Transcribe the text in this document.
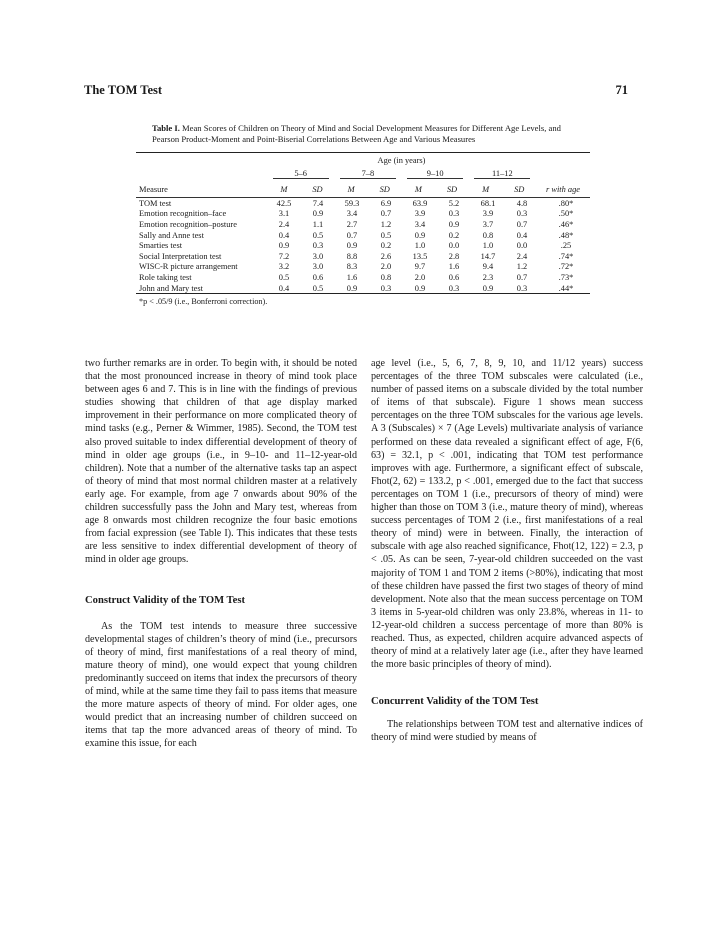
The TOM Test	71
Table I. Mean Scores of Children on Theory of Mind and Social Development Measures for Different Age Levels, and Pearson Product-Moment and Point-Biserial Correlations Between Age and Various Measures
	Age (in years)								
	5–6		7–8		9–10		11–12		
Measure	M	SD	M	SD	M	SD	M	SD	r with age
TOM test	42.5	7.4	59.3	6.9	63.9	5.2	68.1	4.8	.80*
Emotion recognition–face	3.1	0.9	3.4	0.7	3.9	0.3	3.9	0.3	.50*
Emotion recognition–posture	2.4	1.1	2.7	1.2	3.4	0.9	3.7	0.7	.46*
Sally and Anne test	0.4	0.5	0.7	0.5	0.9	0.2	0.8	0.4	.48*
Smarties test	0.9	0.3	0.9	0.2	1.0	0.0	1.0	0.0	.25
Social Interpretation test	7.2	3.0	8.8	2.6	13.5	2.8	14.7	2.4	.74*
WISC-R picture arrangement	3.2	3.0	8.3	2.0	9.7	1.6	9.4	1.2	.72*
Role taking test	0.5	0.6	1.6	0.8	2.0	0.6	2.3	0.7	.73*
John and Mary test	0.4	0.5	0.9	0.3	0.9	0.3	0.9	0.3	.44*
*p < .05/9 (i.e., Bonferroni correction).

two further remarks are in order. To begin with, it should be noted that the most pronounced increase in theory of mind took place between ages 6 and 7. This is in line with the findings of previous studies showing that children of that age display marked improvement in their performance on more complicated theory of mind tasks (e.g., Perner & Wimmer, 1985). Second, the TOM test also proved suitable to index differential development of theory of mind in older age groups (i.e., in 9–10- and 11–12-year-old children). Note that a number of the alternative tasks tap an aspect of theory of mind that most normal children master at a relatively early age. For example, from age 7 onwards about 90% of the children successfully pass the John and Mary test, whereas from age 8 onwards most children recognize the four basic emotions from facial expression (see Table I). This indicates that these tests are less sensitive to index differential development of theory of mind in older age groups.

Construct Validity of the TOM Test

As the TOM test intends to measure three successive developmental stages of children’s theory of mind (i.e., precursors of theory of mind, first manifestations of a real theory of mind, mature theory of mind), one would expect that young children predominantly succeed on items that index the precursors of theory of mind, while at the same time they fail to pass items that measure the more mature aspects of theory of mind. For older ages, one would predict that an increasing number of children succeed on items that tap the more advanced areas of theory of mind. To examine this issue, for each

age level (i.e., 5, 6, 7, 8, 9, 10, and 11/12 years) success percentages of the three TOM subscales were calculated (i.e., number of passed items on a subscale divided by the total number of items of that subscale). Figure 1 shows mean success percentages on the three TOM subscales for the various age levels. A 3 (Subscales) × 7 (Age Levels) multivariate analysis of variance performed on these data revealed a significant effect of age, F(6, 63) = 32.1, p < .001, indicating that TOM test performance improves with age. Furthermore, a significant effect of subscale, Fhot(2, 62) = 133.2, p < .001, emerged due to the fact that success percentages on TOM 1 (i.e., precursors of theory of mind) were higher than those on TOM 3 (i.e., mature theory of mind), whereas success percentages of TOM 2 (i.e., first manifestations of a real theory of mind) were in between. Finally, the interaction of subscale with age also reached significance, Fhot(12, 122) = 2.3, p < .05. As can be seen, 7-year-old children succeeded on the vast majority of TOM 1 and TOM 2 items (>80%), indicating that most of these children have passed the first two stages of theory of mind development. Note also that the mean success percentage on TOM 3 items in 5-year-old children was only 23.8%, whereas in 11- to 12-year-old children a success percentage of more than 80% is reached. Thus, as expected, children acquire advanced aspects of theory of mind at a relatively later age (i.e., after they have learned the more basic principles of theory of mind).

Concurrent Validity of the TOM Test

The relationships between TOM test and alternative indices of theory of mind were studied by means of
